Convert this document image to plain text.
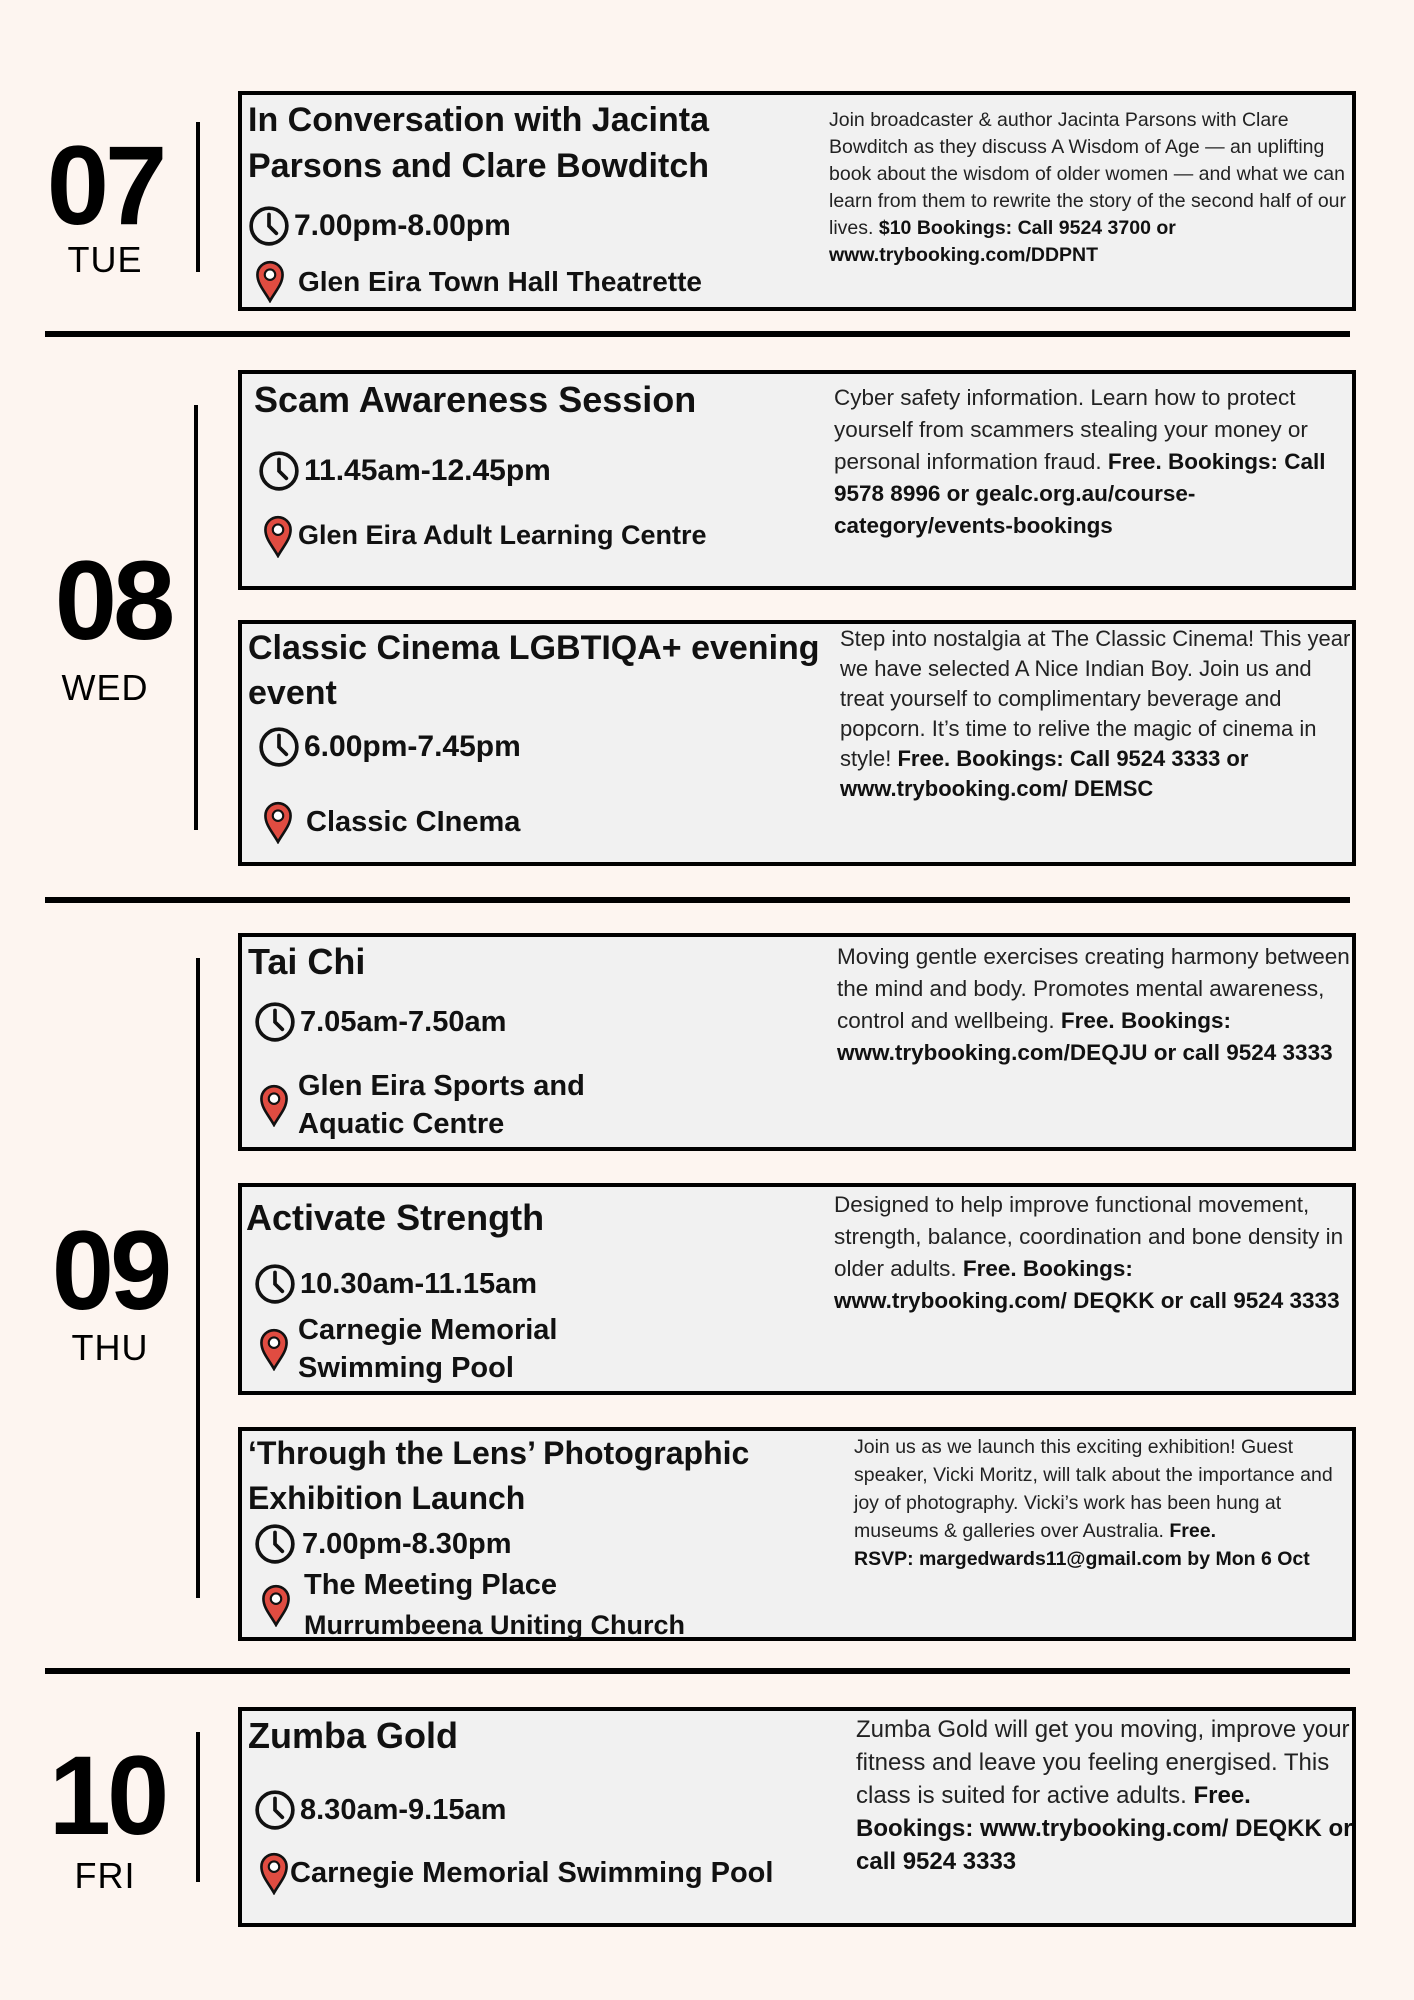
07
TUE
08
WED
09
THU
10
FRI
In Conversation with Jacinta Parsons and Clare Bowditch
7.00pm-8.00pm
Glen Eira Town Hall Theatrette
Join broadcaster & author Jacinta Parsons with Clare Bowditch as they discuss A Wisdom of Age — an uplifting book about the wisdom of older women — and what we can learn from them to rewrite the story of the second half of our lives. $10 Bookings: Call 9524 3700 or www.trybooking.com/DDPNT
Scam Awareness Session
11.45am-12.45pm
Glen Eira Adult Learning Centre
Cyber safety information. Learn how to protect yourself from scammers stealing your money or personal information fraud. Free. Bookings: Call 9578 8996 or gealc.org.au/course-category/events-bookings
Classic Cinema LGBTIQA+ evening event
6.00pm-7.45pm
Classic CInema
Step into nostalgia at The Classic Cinema! This year we have selected A Nice Indian Boy. Join us and treat yourself to complimentary beverage and popcorn. It’s time to relive the magic of cinema in style! Free. Bookings: Call 9524 3333 or www.trybooking.com/ DEMSC
Tai Chi
7.05am-7.50am
Glen Eira Sports and Aquatic Centre
Moving gentle exercises creating harmony between the mind and body. Promotes mental awareness, control and wellbeing. Free. Bookings: www.trybooking.com/DEQJU or call 9524 3333
Activate Strength
10.30am-11.15am
Carnegie Memorial Swimming Pool
Designed to help improve functional movement, strength, balance, coordination and bone density in older adults. Free. Bookings: www.trybooking.com/ DEQKK or call 9524 3333
‘Through the Lens’ Photographic Exhibition Launch
7.00pm-8.30pm
The Meeting Place
Murrumbeena Uniting Church
Join us as we launch this exciting exhibition! Guest speaker, Vicki Moritz, will talk about the importance and joy of photography. Vicki’s work has been hung at museums & galleries over Australia. Free.
RSVP: margedwards11@gmail.com by Mon 6 Oct
Zumba Gold
8.30am-9.15am
Carnegie Memorial Swimming Pool
Zumba Gold will get you moving, improve your fitness and leave you feeling energised. This class is suited for active adults. Free.
Bookings: www.trybooking.com/ DEQKK or call 9524 3333
